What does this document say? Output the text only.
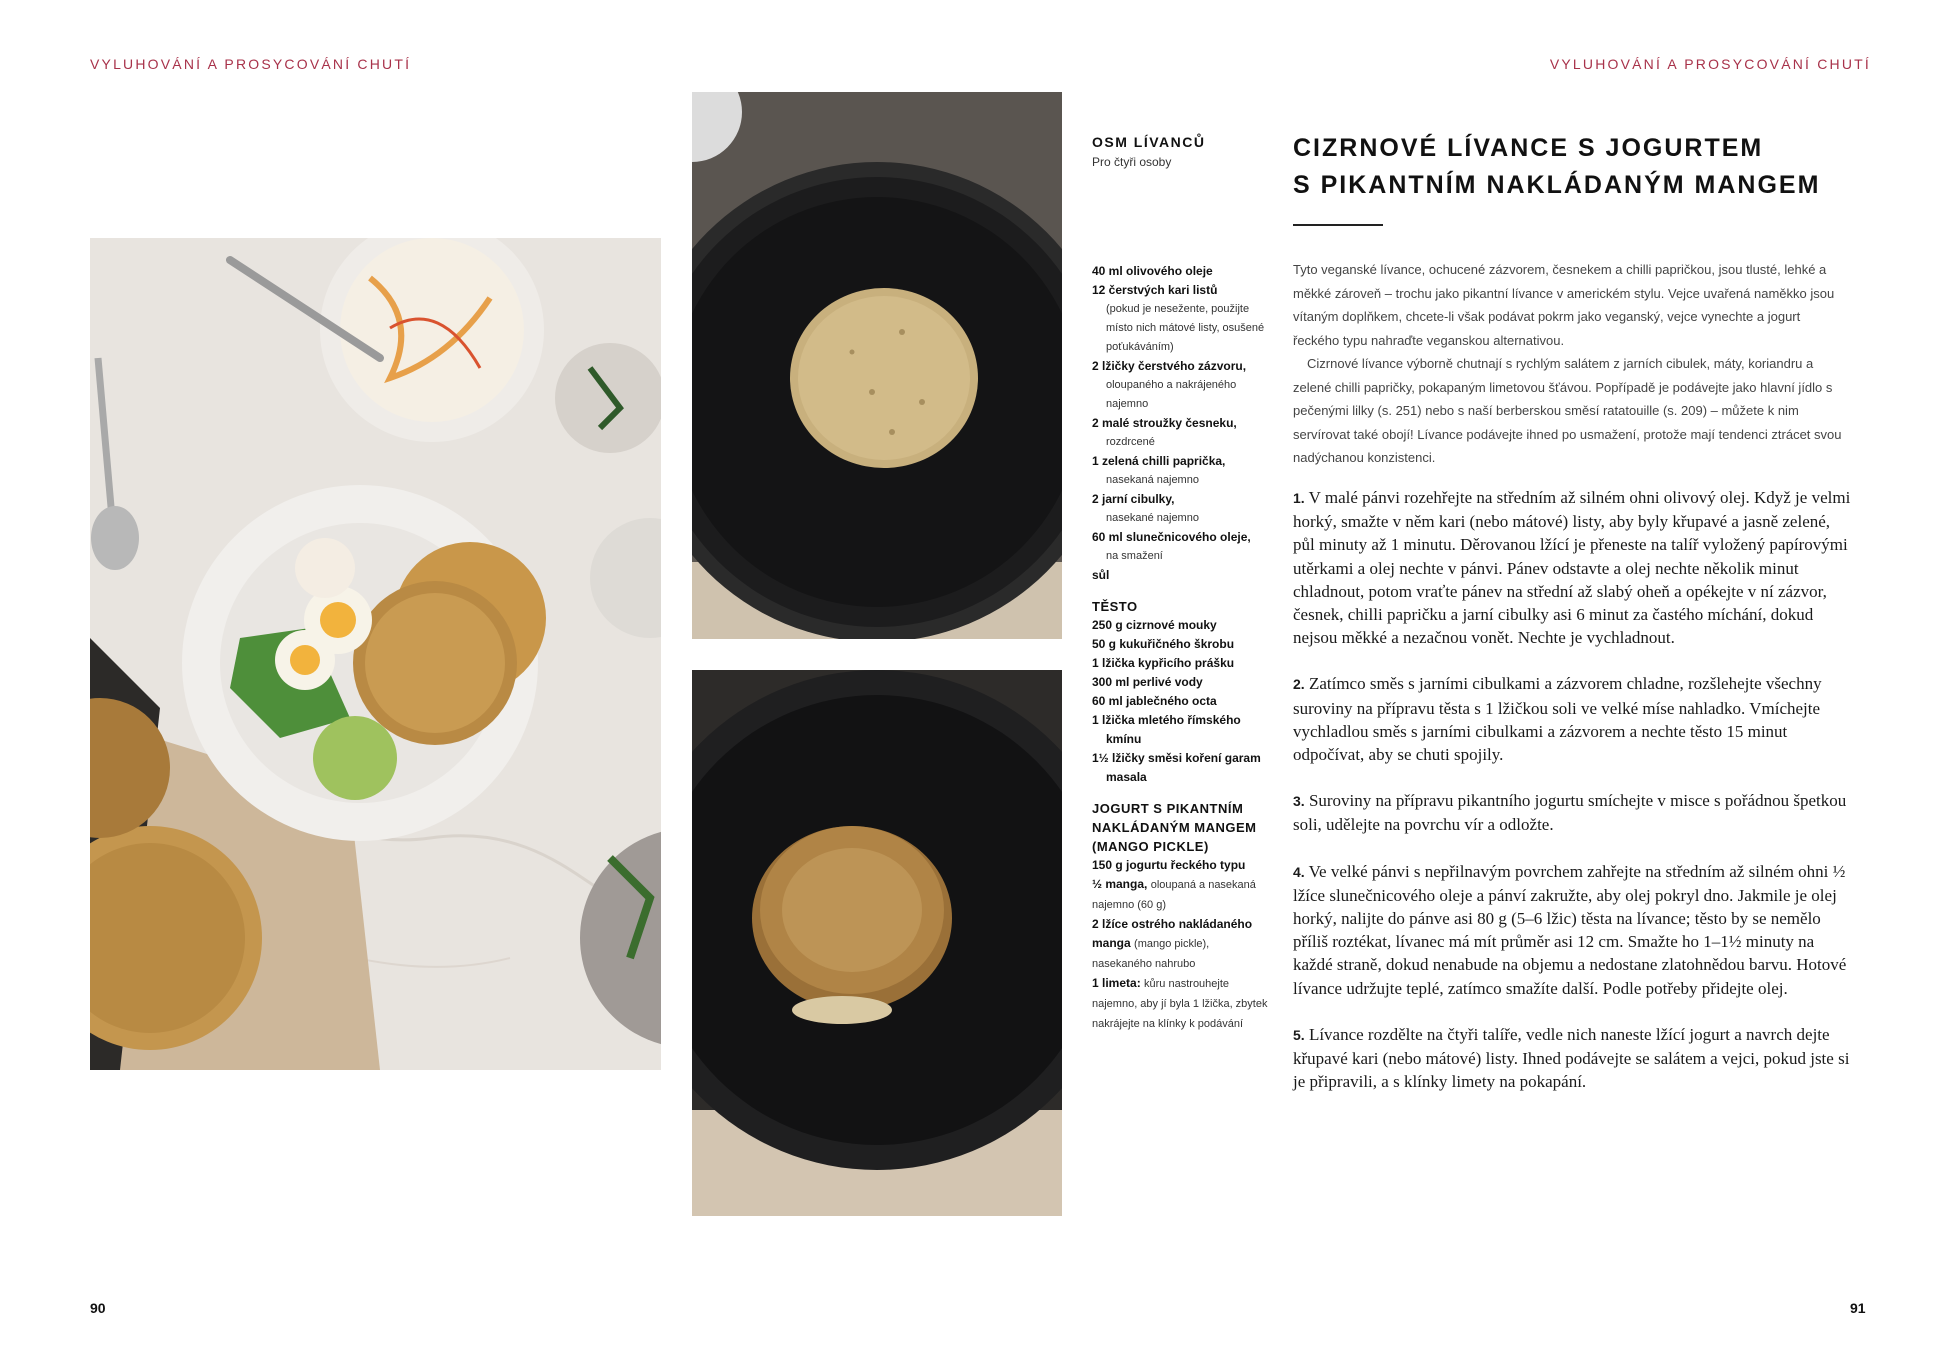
VYLUHOVÁNÍ A PROSYCOVÁNÍ CHUTÍ	VYLUHOVÁNÍ A PROSYCOVÁNÍ CHUTÍ
OSM LÍVANCŮ
Pro čtyři osoby
40 ml olivového oleje
12 čerstvých kari listů
(pokud je nesežente, použijte místo nich mátové listy, osušené poťukáváním)
2 lžičky čerstvého zázvoru,
oloupaného a nakrájeného najemno
2 malé stroužky česneku,
rozdrcené
1 zelená chilli paprička,
nasekaná najemno
2 jarní cibulky,
nasekané najemno
60 ml slunečnicového oleje,
na smažení
sůl
TĚSTO
250 g cizrnové mouky
50 g kukuřičného škrobu
1 lžička kypřicího prášku
300 ml perlivé vody
60 ml jablečného octa
1 lžička mletého římského kmínu
1½ lžičky směsi koření garam masala
JOGURT S PIKANTNÍM NAKLÁDANÝM MANGEM (MANGO PICKLE)
150 g jogurtu řeckého typu
½ manga, oloupaná a nasekaná najemno (60 g)
2 lžíce ostrého nakládaného manga (mango pickle), nasekaného nahrubo
1 limeta: kůru nastrouhejte najemno, aby jí byla 1 lžička, zbytek nakrájejte na klínky k podávání
CIZRNOVÉ LÍVANCE S JOGURTEM
S PIKANTNÍM NAKLÁDANÝM MANGEM

Tyto veganské lívance, ochucené zázvorem, česnekem a chilli papričkou, jsou tlusté, lehké a měkké zároveň – trochu jako pikantní lívance v americkém stylu. Vejce uvařená naměkko jsou vítaným doplňkem, chcete-li však podávat pokrm jako veganský, vejce vynechte a jogurt řeckého typu nahraďte veganskou alternativou.

Cizrnové lívance výborně chutnají s rychlým salátem z jarních cibulek, máty, koriandru a zelené chilli papričky, pokapaným limetovou šťávou. Popřípadě je podávejte jako hlavní jídlo s pečenými lilky (s. 251) nebo s naší berberskou směsí ratatouille (s. 209) – můžete k nim servírovat také obojí! Lívance podávejte ihned po usmažení, protože mají tendenci ztrácet svou nadýchanou konzistenci.

1. V malé pánvi rozehřejte na středním až silném ohni olivový olej. Když je velmi horký, smažte v něm kari (nebo mátové) listy, aby byly křupavé a jasně zelené, půl minuty až 1 minutu. Děrovanou lžící je přeneste na talíř vyložený papírovými utěrkami a olej nechte v pánvi. Pánev odstavte a olej nechte několik minut chladnout, potom vraťte pánev na střední až slabý oheň a opékejte v ní zázvor, česnek, chilli papričku a jarní cibulky asi 6 minut za častého míchání, dokud nejsou měkké a nezačnou vonět. Nechte je vychladnout.

2. Zatímco směs s jarními cibulkami a zázvorem chladne, rozšlehejte všechny suroviny na přípravu těsta s 1 lžičkou soli ve velké míse nahladko. Vmíchejte vychladlou směs s jarními cibulkami a zázvorem a nechte těsto 15 minut odpočívat, aby se chuti spojily.

3. Suroviny na přípravu pikantního jogurtu smíchejte v misce s pořádnou špetkou soli, udělejte na povrchu vír a odložte.

4. Ve velké pánvi s nepřilnavým povrchem zahřejte na středním až silném ohni ½ lžíce slunečnicového oleje a pánví zakružte, aby olej pokryl dno. Jakmile je olej horký, nalijte do pánve asi 80 g (5–6 lžic) těsta na lívance; těsto by se nemělo příliš roztékat, lívanec má mít průměr asi 12 cm. Smažte ho 1–1½ minuty na každé straně, dokud nenabude na objemu a nedostane zlatohnědou barvu. Hotové lívance udržujte teplé, zatímco smažíte další. Podle potřeby přidejte olej.

5. Lívance rozdělte na čtyři talíře, vedle nich naneste lžící jogurt a navrch dejte křupavé kari (nebo mátové) listy. Ihned podávejte se salátem a vejci, pokud jste si je připravili, a s klínky limety na pokapání.

90	91
